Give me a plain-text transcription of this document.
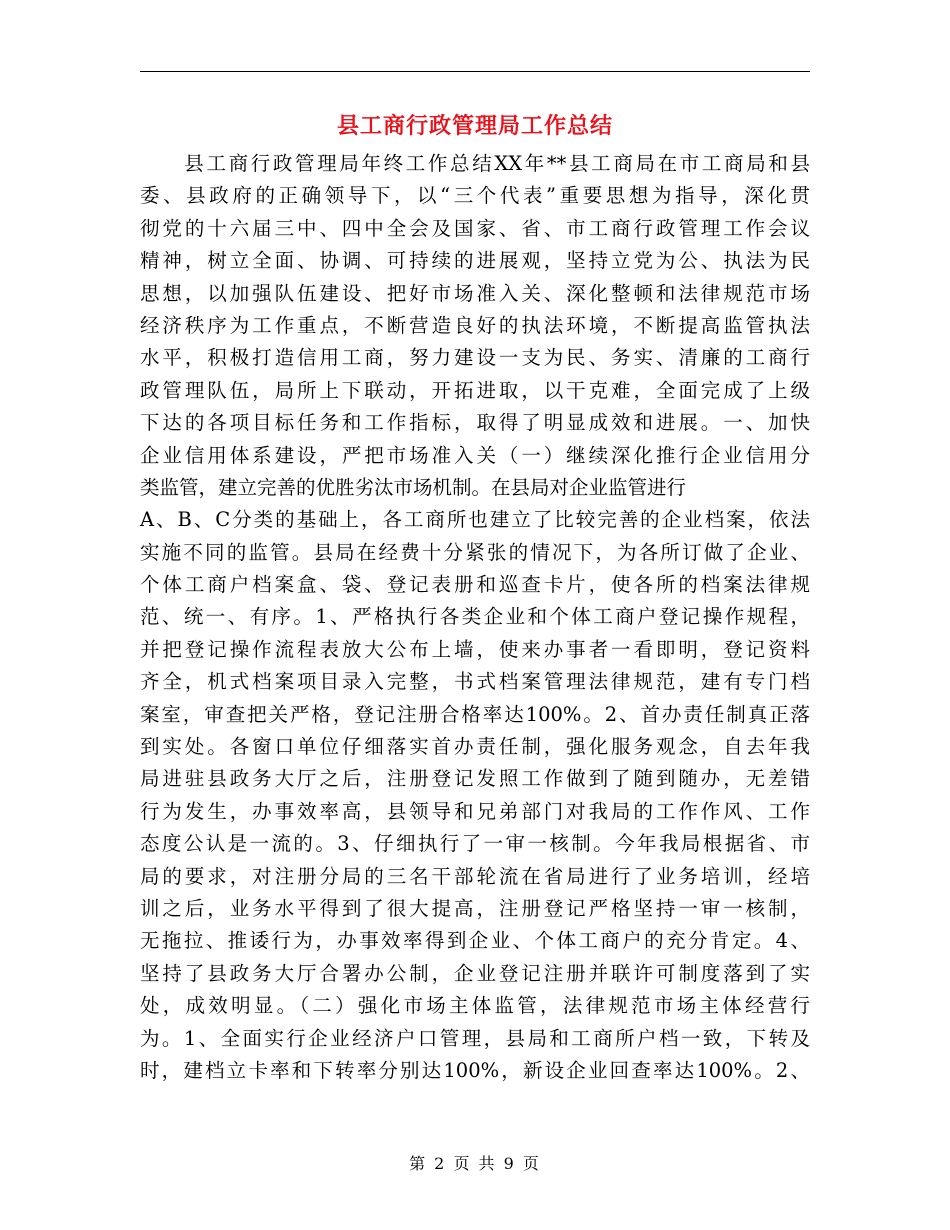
县工商行政管理局工作总结
　　县工商行政管理局年终工作总结XX年**县工商局在市工商局和县
委、县政府的正确领导下，以“三个代表”重要思想为指导，深化贯
彻党的十六届三中、四中全会及国家、省、市工商行政管理工作会议
精神，树立全面、协调、可持续的进展观，坚持立党为公、执法为民
思想，以加强队伍建设、把好市场准入关、深化整顿和法律规范市场
经济秩序为工作重点，不断营造良好的执法环境，不断提高监管执法
水平，积极打造信用工商，努力建设一支为民、务实、清廉的工商行
政管理队伍，局所上下联动，开拓进取，以干克难，全面完成了上级
下达的各项目标任务和工作指标，取得了明显成效和进展。一、加快
企业信用体系建设，严把市场准入关（一）继续深化推行企业信用分
类监管，建立完善的优胜劣汰市场机制。在县局对企业监管进行
A、B、C分类的基础上，各工商所也建立了比较完善的企业档案，依法
实施不同的监管。县局在经费十分紧张的情况下，为各所订做了企业、
个体工商户档案盒、袋、登记表册和巡查卡片，使各所的档案法律规
范、统一、有序。1、严格执行各类企业和个体工商户登记操作规程，
并把登记操作流程表放大公布上墙，使来办事者一看即明，登记资料
齐全，机式档案项目录入完整，书式档案管理法律规范，建有专门档
案室，审查把关严格，登记注册合格率达100%。2、首办责任制真正落
到实处。各窗口单位仔细落实首办责任制，强化服务观念，自去年我
局进驻县政务大厅之后，注册登记发照工作做到了随到随办，无差错
行为发生，办事效率高，县领导和兄弟部门对我局的工作作风、工作
态度公认是一流的。3、仔细执行了一审一核制。今年我局根据省、市
局的要求，对注册分局的三名干部轮流在省局进行了业务培训，经培
训之后，业务水平得到了很大提高，注册登记严格坚持一审一核制，
无拖拉、推诿行为，办事效率得到企业、个体工商户的充分肯定。4、
坚持了县政务大厅合署办公制，企业登记注册并联许可制度落到了实
处，成效明显。（二）强化市场主体监管，法律规范市场主体经营行
为。1、全面实行企业经济户口管理，县局和工商所户档一致，下转及
时，建档立卡率和下转率分别达100%，新设企业回查率达100%。2、
第 2 页 共 9 页
